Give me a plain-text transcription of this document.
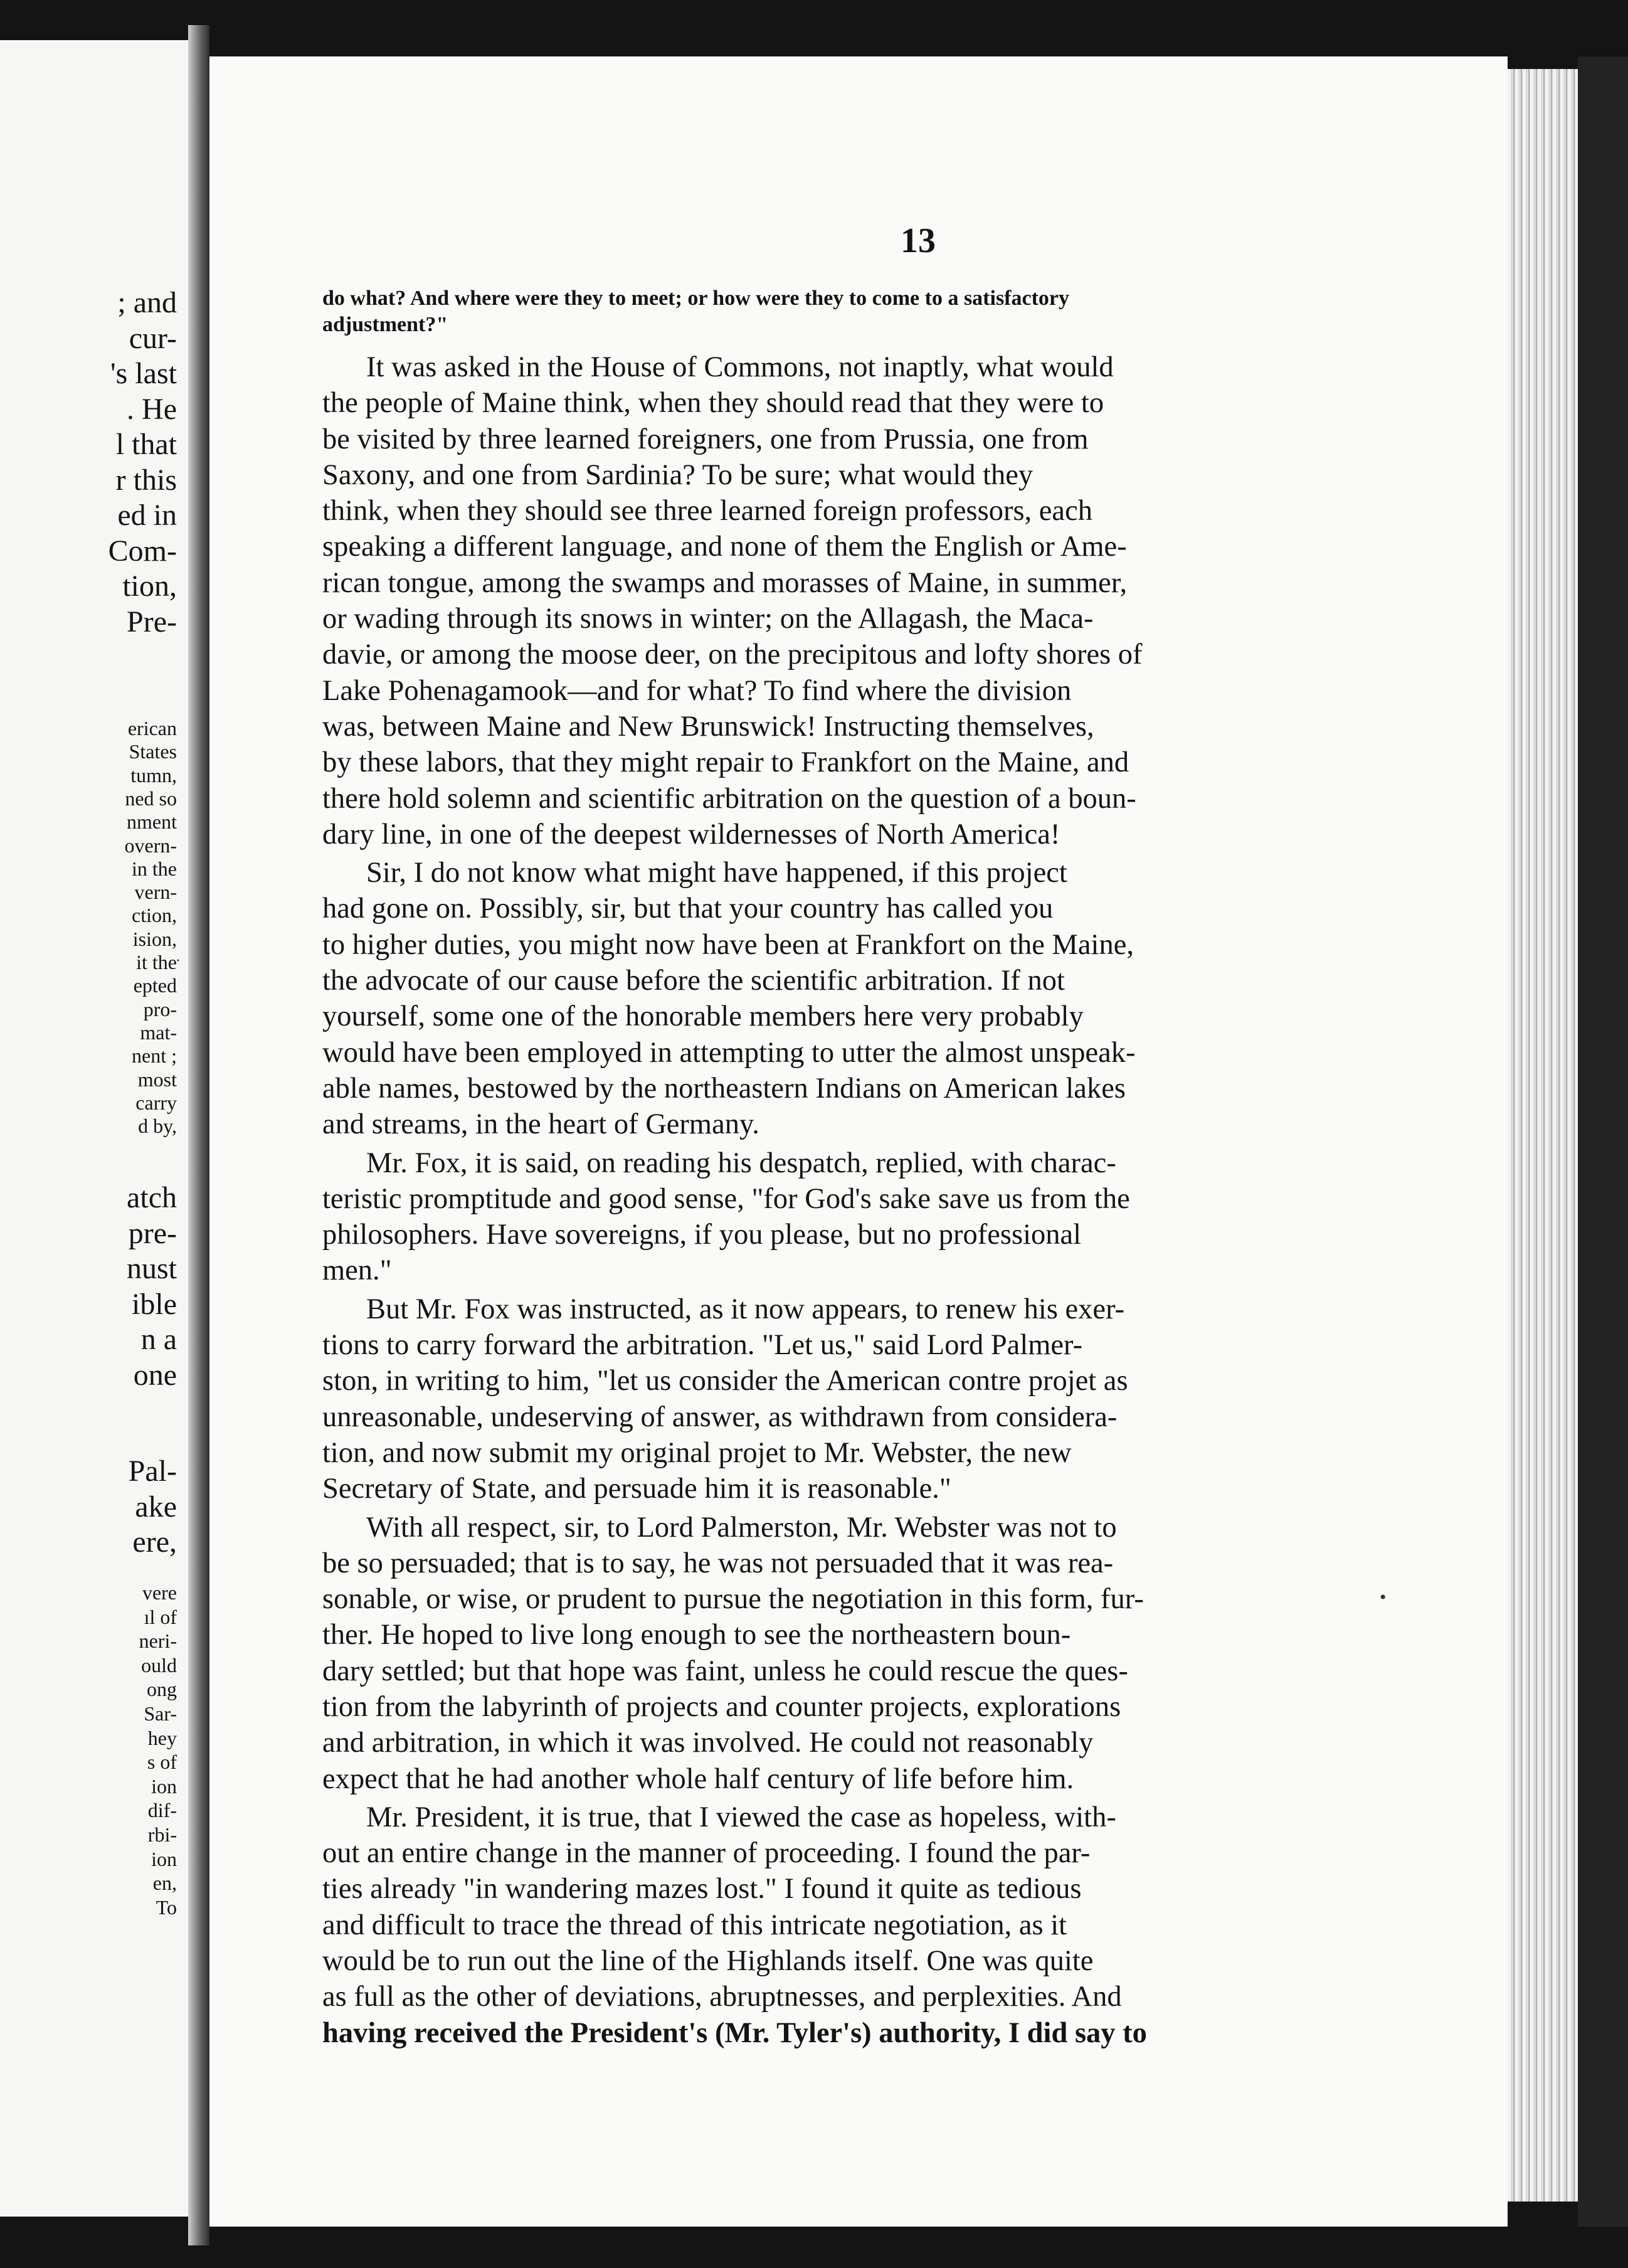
; and
cur-
's last
. He
l that
r this
ed in
Com-
tion,
Pre-
erican
States
tumn,
ned so
nment
overn-
in the
vern-
ction,
ision,
it the
epted
pro-
mat-
nent ;
most
carry
d by,
atch
pre-
nust
ible
n a
one
Pal-
ake
ere,
vere
ıl of
neri-
ould
ong
Sar-
hey
s of
ion
dif-
rbi-
ion
en,
To
·
13
do what? And where were they to meet; or how were they to come to a satisfactory
adjustment?"
It was asked in the House of Commons, not inaptly, what would
the people of Maine think, when they should read that they were to
be visited by three learned foreigners, one from Prussia, one from
Saxony, and one from Sardinia? To be sure; what would they
think, when they should see three learned foreign professors, each
speaking a different language, and none of them the English or Ame-
rican tongue, among the swamps and morasses of Maine, in summer,
or wading through its snows in winter; on the Allagash, the Maca-
davie, or among the moose deer, on the precipitous and lofty shores of
Lake Pohenagamook—and for what? To find where the division
was, between Maine and New Brunswick! Instructing themselves,
by these labors, that they might repair to Frankfort on the Maine, and
there hold solemn and scientific arbitration on the question of a boun-
dary line, in one of the deepest wildernesses of North America!
Sir, I do not know what might have happened, if this project
had gone on. Possibly, sir, but that your country has called you
to higher duties, you might now have been at Frankfort on the Maine,
the advocate of our cause before the scientific arbitration. If not
yourself, some one of the honorable members here very probably
would have been employed in attempting to utter the almost unspeak-
able names, bestowed by the northeastern Indians on American lakes
and streams, in the heart of Germany.
Mr. Fox, it is said, on reading his despatch, replied, with charac-
teristic promptitude and good sense, "for God's sake save us from the
philosophers. Have sovereigns, if you please, but no professional
men."
But Mr. Fox was instructed, as it now appears, to renew his exer-
tions to carry forward the arbitration. "Let us," said Lord Palmer-
ston, in writing to him, "let us consider the American contre projet as
unreasonable, undeserving of answer, as withdrawn from considera-
tion, and now submit my original projet to Mr. Webster, the new
Secretary of State, and persuade him it is reasonable."
With all respect, sir, to Lord Palmerston, Mr. Webster was not to
be so persuaded; that is to say, he was not persuaded that it was rea-
sonable, or wise, or prudent to pursue the negotiation in this form, fur-
ther. He hoped to live long enough to see the northeastern boun-
dary settled; but that hope was faint, unless he could rescue the ques-
tion from the labyrinth of projects and counter projects, explorations
and arbitration, in which it was involved. He could not reasonably
expect that he had another whole half century of life before him.
Mr. President, it is true, that I viewed the case as hopeless, with-
out an entire change in the manner of proceeding. I found the par-
ties already "in wandering mazes lost." I found it quite as tedious
and difficult to trace the thread of this intricate negotiation, as it
would be to run out the line of the Highlands itself. One was quite
as full as the other of deviations, abruptnesses, and perplexities. And
having received the President's (Mr. Tyler's) authority, I did say to
•
